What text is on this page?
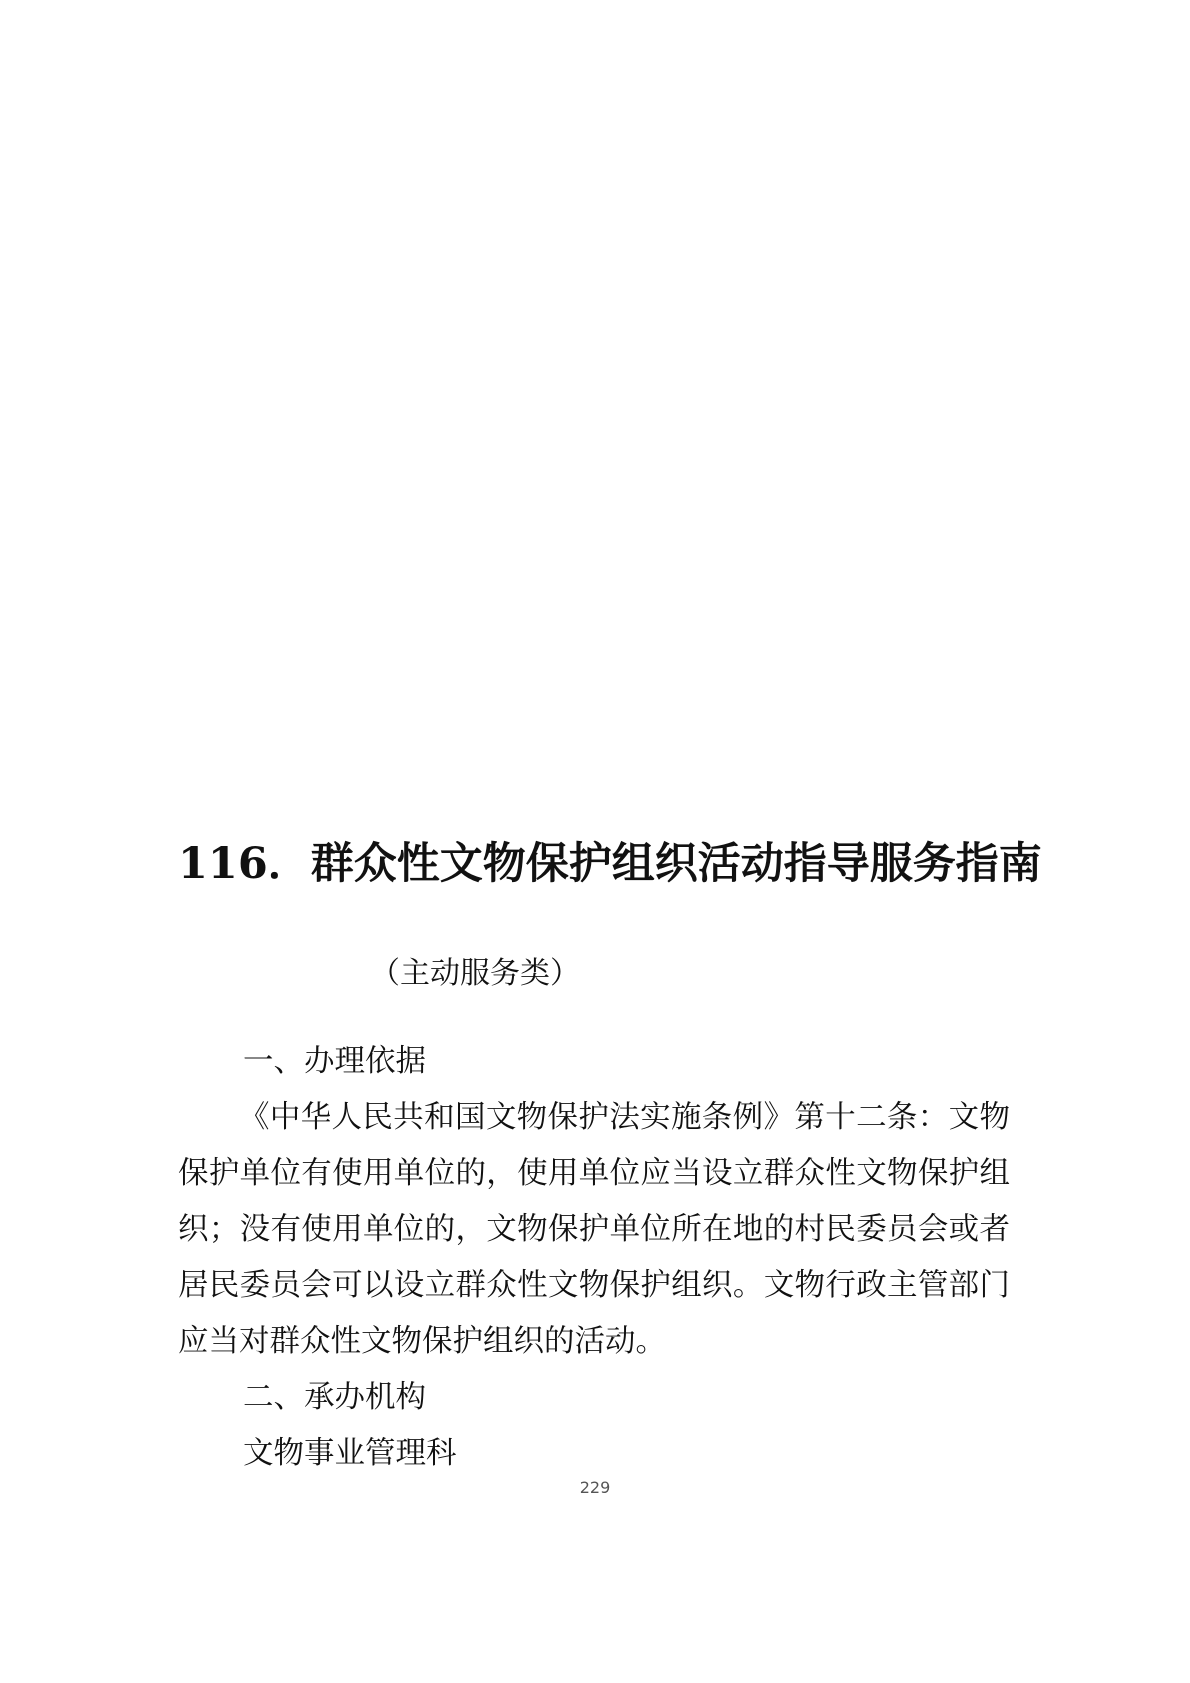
116．群众性文物保护组织活动指导服务指南
（主动服务类）
一、办理依据

《中华人民共和国文物保护法实施条例》第十二条：文物保护单位有使用单位的，使用单位应当设立群众性文物保护组织；没有使用单位的，文物保护单位所在地的村民委员会或者居民委员会可以设立群众性文物保护组织。文物行政主管部门应当对群众性文物保护组织的活动。

二、承办机构
文物事业管理科
229
